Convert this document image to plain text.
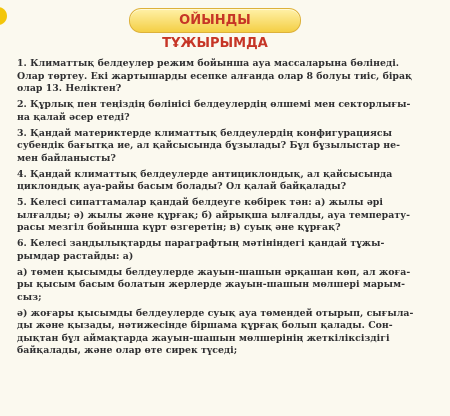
ОЙЫНДЫ ТҰЖЫРЫМДА
1. Климаттық белдеулер режим бойынша ауа массаларына бөлінеді.
Олар төртеу. Екі жартышарды есепке алғанда олар 8 болуы тиіс, бірақ
олар 13. Неліктен?
2. Құрлық пен теңіздің бөлінісі белдеулердің өлшемі мен секторлығы-
на қалай әсер етеді?
3. Қандай материктерде климаттық белдеулердің конфигурациясы
субендік бағытқа ие, ал қайсысында бұзылады? Бұл бұзылыстар не-
мен байланысты?
4. Қандай климаттық белдеулерде антициклондық, ал қайсысында
циклондық ауа-райы басым болады? Ол қалай байқалады?
5. Келесі сипаттамалар қандай белдеуге көбірек тән: а) жылы әрі
ылғалды; ә) жылы және құрғақ; б) айрықша ылғалды, ауа температу-
расы мезгіл бойынша күрт өзгеретін; в) суық әне құрғақ?
6. Келесі заңдылықтарды параграфтың мәтініндегі қандай тұжы-
рымдар растайды: а)
а) төмен қысымды белдеулерде жауын-шашын әрқашан көп, ал жоға-
ры қысым басым болатын жерлерде жауын-шашын мөлшері марым-
сыз;
ә) жоғары қысымды белдеулерде суық ауа төмендей отырып, сығыла-
ды және қызады, нәтижесінде біршама құрғақ болып қалады. Сон-
дықтан бұл аймақтарда жауын-шашын мөлшерінің жеткіліксіздігі
байқалады, және олар өте сирек түседі;
